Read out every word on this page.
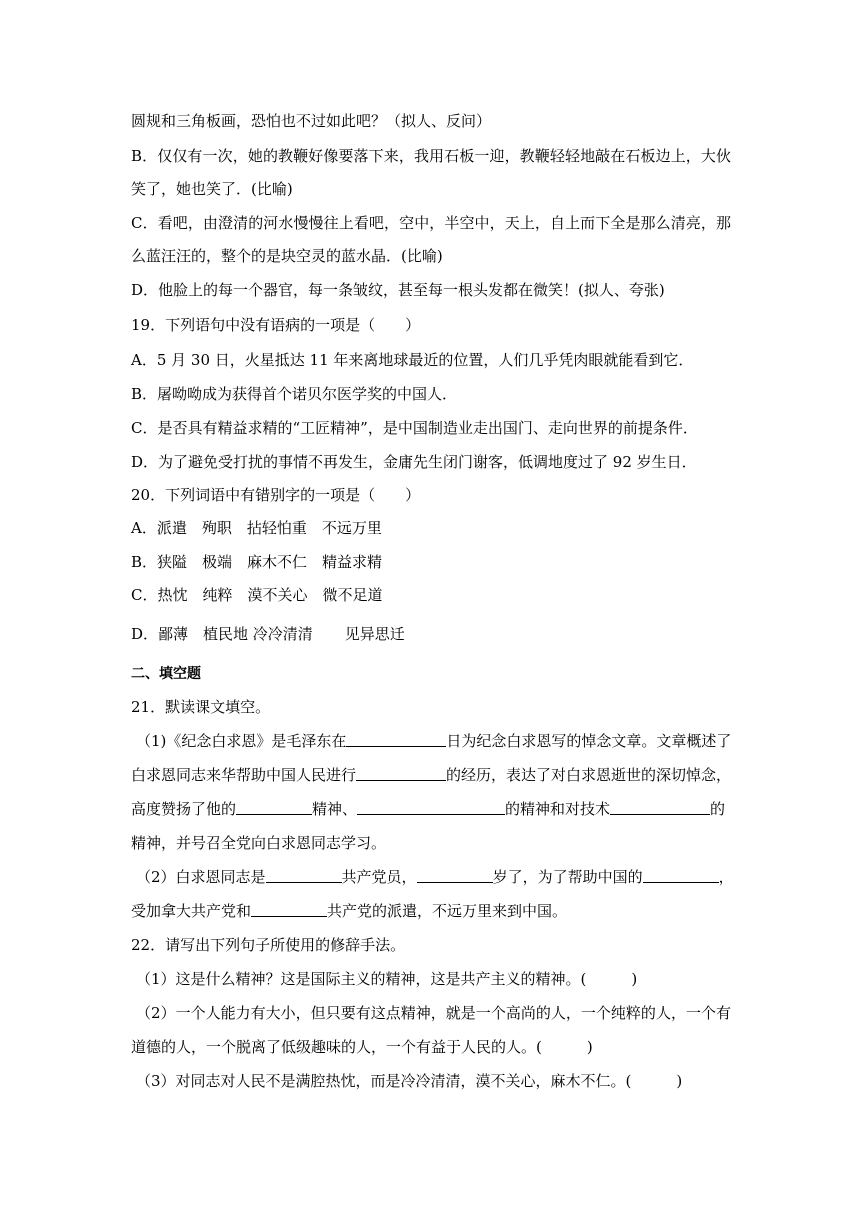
圆规和三角板画，恐怕也不过如此吧？（拟人、反问）
B．仅仅有一次，她的教鞭好像要落下来，我用石板一迎，教鞭轻轻地敲在石板边上，大伙
笑了，她也笑了．(比喻)
C．看吧，由澄清的河水慢慢往上看吧，空中，半空中，天上，自上而下全是那么清亮，那
么蓝汪汪的，整个的是块空灵的蓝水晶．(比喻)
D．他脸上的每一个器官，每一条皱纹，甚至每一根头发都在微笑！(拟人、夸张)
19．下列语句中没有语病的一项是（　　）
A．5 月 30 日，火星抵达 11 年来离地球最近的位置，人们几乎凭肉眼就能看到它．
B．屠呦呦成为获得首个诺贝尔医学奖的中国人．
C．是否具有精益求精的“工匠精神”，是中国制造业走出国门、走向世界的前提条件．
D．为了避免受打扰的事情不再发生，金庸先生闭门谢客，低调地度过了 92 岁生日．
20．下列词语中有错别字的一项是（　　）
A．派遣　殉职　拈轻怕重　不远万里
B．狭隘　极端　麻木不仁　精益求精
C．热忱　纯粹　漠不关心　微不足道
D．鄙薄　植民地 冷冷清清 见异思迁
二、填空题
21．默读课文填空。
（1)《纪念白求恩》是毛泽东在	日为纪念白求恩写的悼念文章。文章概述了
白求恩同志来华帮助中国人民进行	的经历，表达了对白求恩逝世的深切悼念，
高度赞扬了他的	精神、	的精神和对技术	的
精神，并号召全党向白求恩同志学习。
（2）白求恩同志是	共产党员，	岁了，为了帮助中国的	，
受加拿大共产党和	共产党的派遣，不远万里来到中国。
22．请写出下列句子所使用的修辞手法。
（1）这是什么精神？这是国际主义的精神，这是共产主义的精神。(　　　)
（2）一个人能力有大小，但只要有这点精神，就是一个高尚的人，一个纯粹的人，一个有
道德的人，一个脱离了低级趣味的人，一个有益于人民的人。(　　　)
（3）对同志对人民不是满腔热忱，而是冷冷清清，漠不关心，麻木不仁。(　　　)
